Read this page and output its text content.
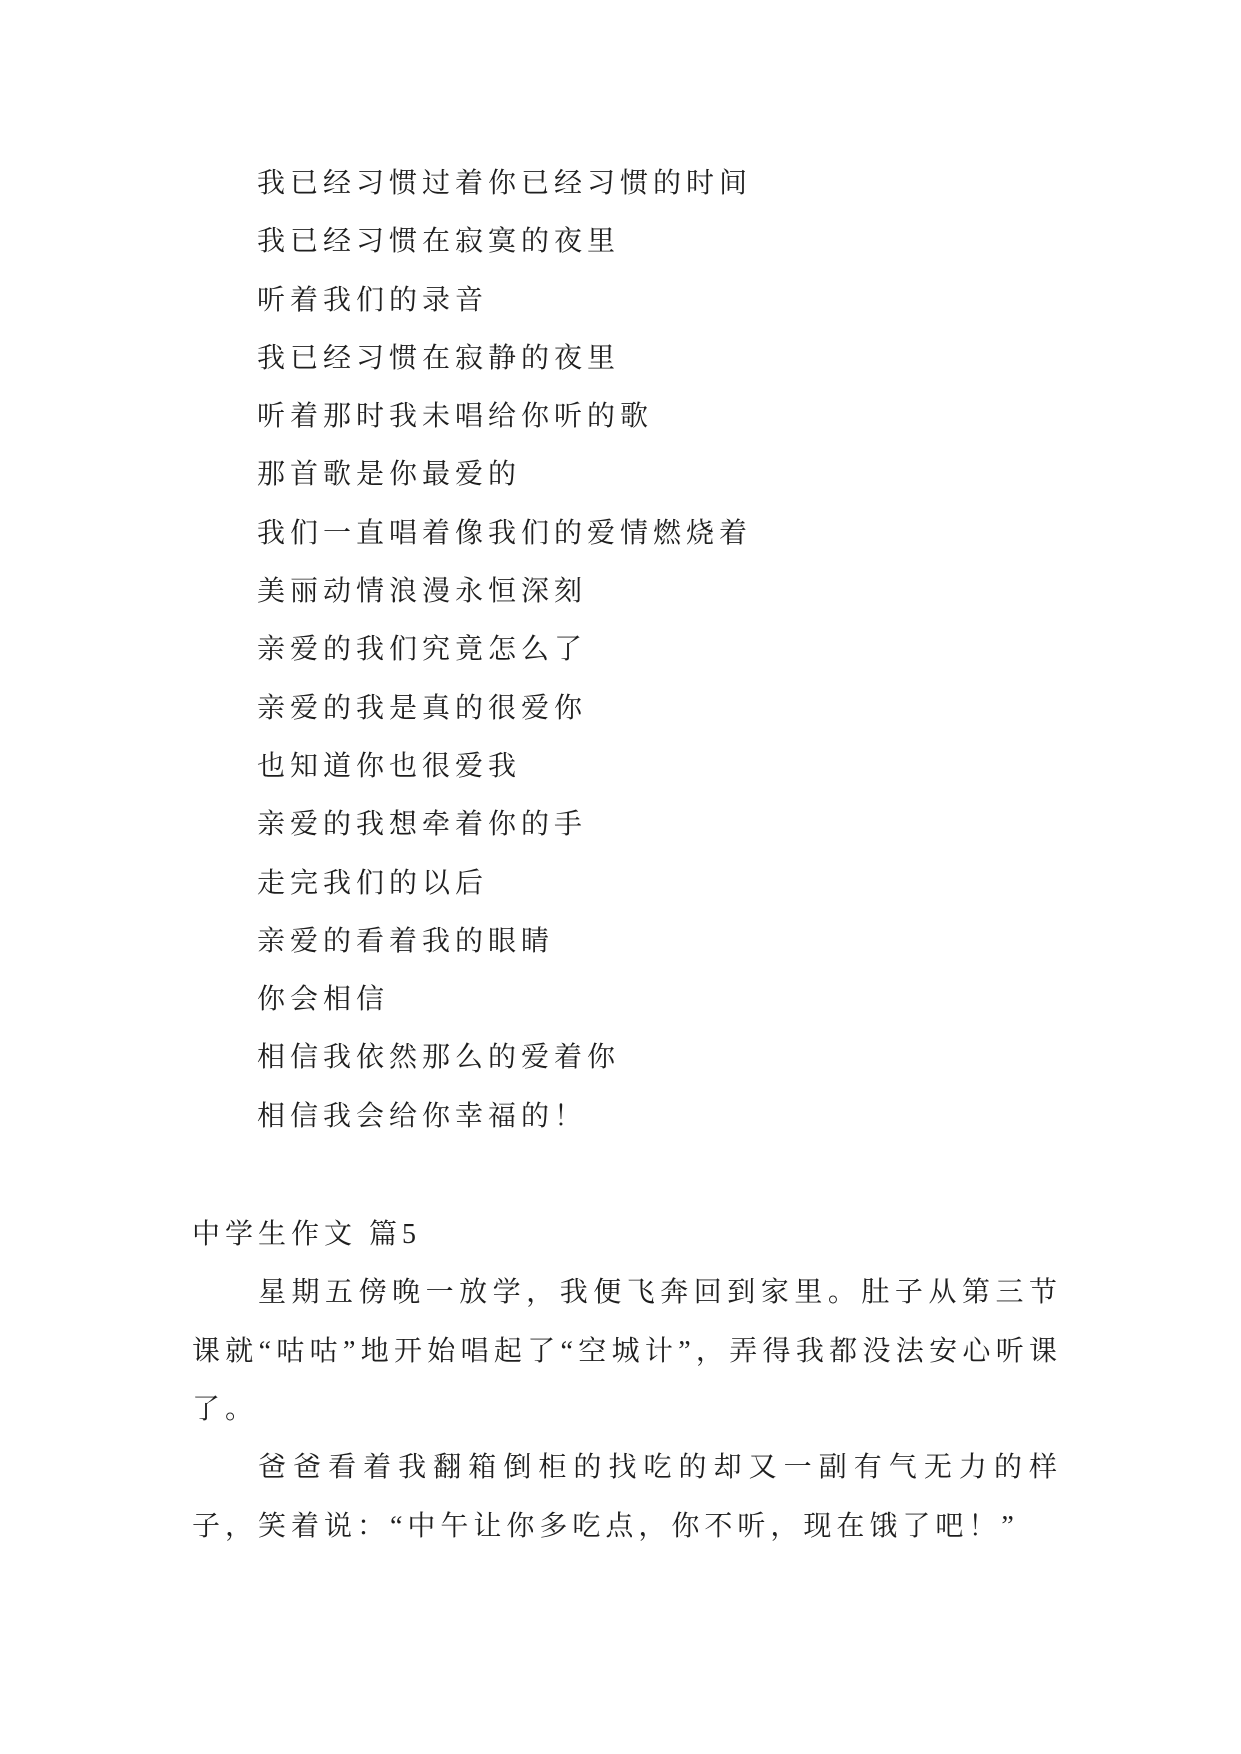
我已经习惯过着你已经习惯的时间
我已经习惯在寂寞的夜里
听着我们的录音
我已经习惯在寂静的夜里
听着那时我未唱给你听的歌
那首歌是你最爱的
我们一直唱着像我们的爱情燃烧着
美丽动情浪漫永恒深刻
亲爱的我们究竟怎么了
亲爱的我是真的很爱你
也知道你也很爱我
亲爱的我想牵着你的手
走完我们的以后
亲爱的看着我的眼睛
你会相信
相信我依然那么的爱着你
相信我会给你幸福的！
中学生作文 篇5

星期五傍晚一放学，我便飞奔回到家里。肚子从第三节课就“咕咕”地开始唱起了“空城计”，弄得我都没法安心听课了。

爸爸看着我翻箱倒柜的找吃的却又一副有气无力的样子，笑着说：“中午让你多吃点，你不听，现在饿了吧！”
